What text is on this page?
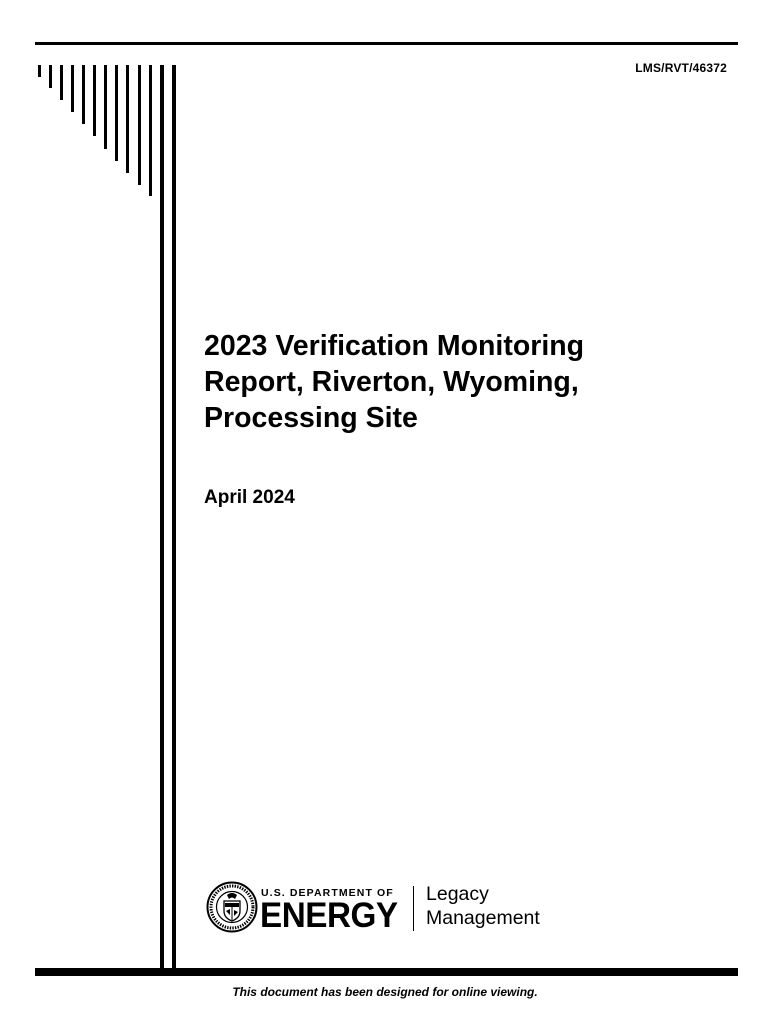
LMS/RVT/46372
2023 Verification Monitoring
Report, Riverton, Wyoming,
Processing Site
April 2024
U.S. DEPARTMENT OF
ENERGY
Legacy
Management
This document has been designed for online viewing.
